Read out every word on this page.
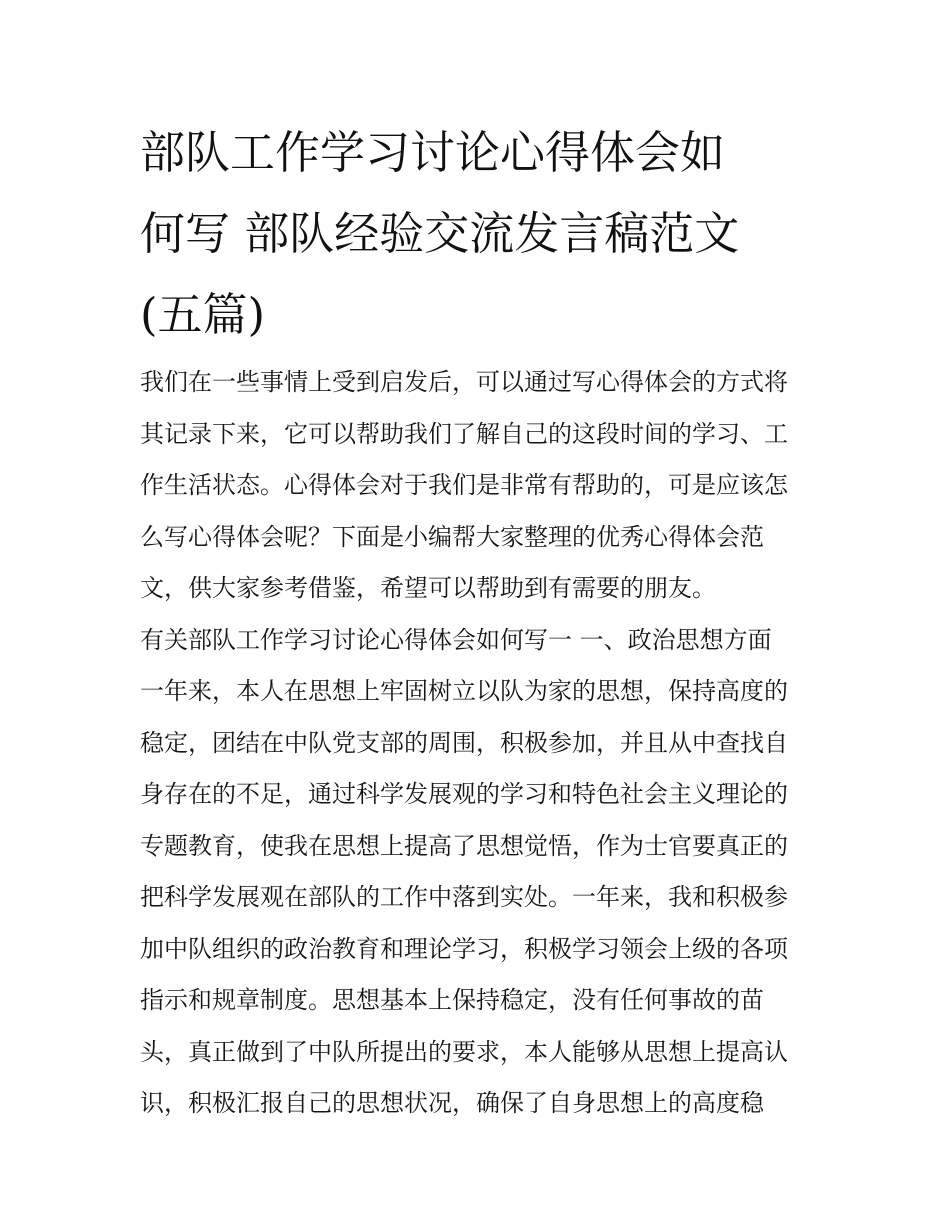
部队工作学习讨论心得体会如
何写 部队经验交流发言稿范文
(五篇)
我们在一些事情上受到启发后，可以通过写心得体会的方式将
其记录下来，它可以帮助我们了解自己的这段时间的学习、工
作生活状态。心得体会对于我们是非常有帮助的，可是应该怎
么写心得体会呢？下面是小编帮大家整理的优秀心得体会范
文，供大家参考借鉴，希望可以帮助到有需要的朋友。
有关部队工作学习讨论心得体会如何写一 一、政治思想方面
一年来，本人在思想上牢固树立以队为家的思想，保持高度的
稳定，团结在中队党支部的周围，积极参加，并且从中查找自
身存在的不足，通过科学发展观的学习和特色社会主义理论的
专题教育，使我在思想上提高了思想觉悟，作为士官要真正的
把科学发展观在部队的工作中落到实处。一年来，我和积极参
加中队组织的政治教育和理论学习，积极学习领会上级的各项
指示和规章制度。思想基本上保持稳定，没有任何事故的苗
头，真正做到了中队所提出的要求，本人能够从思想上提高认
识，积极汇报自己的思想状况，确保了自身思想上的高度稳
